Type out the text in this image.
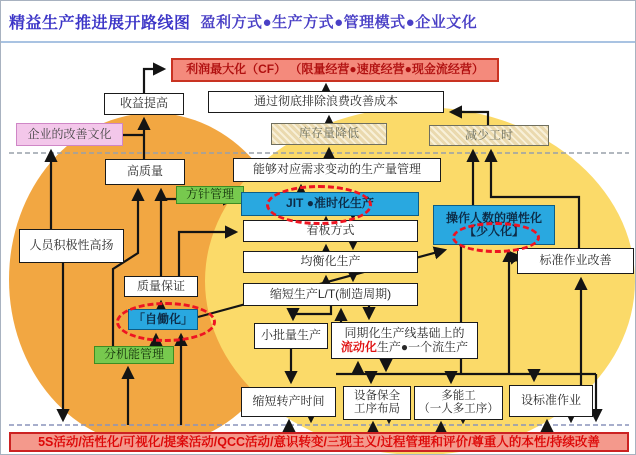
精益生产推进展开路线图 盈利方式●生产方式●管理模式●企业文化
利润最大化（CF） （限量经营●速度经营●现金流经营）
收益提高	通过彻底排除浪费改善成本
企业的改善文化	库存量降低	减少工时
高质量	能够对应需求变动的生产量管理
方针管理
JIT ●准时化生产
操作人数的弹性化
【少人化】
看板方式
标准作业改善
人员积极性高扬
均衡化生产
质量保证
缩短生产L/T(制造周期)
「自働化」
分机能管理
小批量生产 同期化生产线基础上的
流动化生产●一个流生产
缩短转产时间	设备保全
工序布局
多能工
（一人多工序）
设标准作业
5S活动/活性化/可视化/提案活动/QCC活动/意识转变/三现主义/过程管理和评价/尊重人的本性/持续改善
